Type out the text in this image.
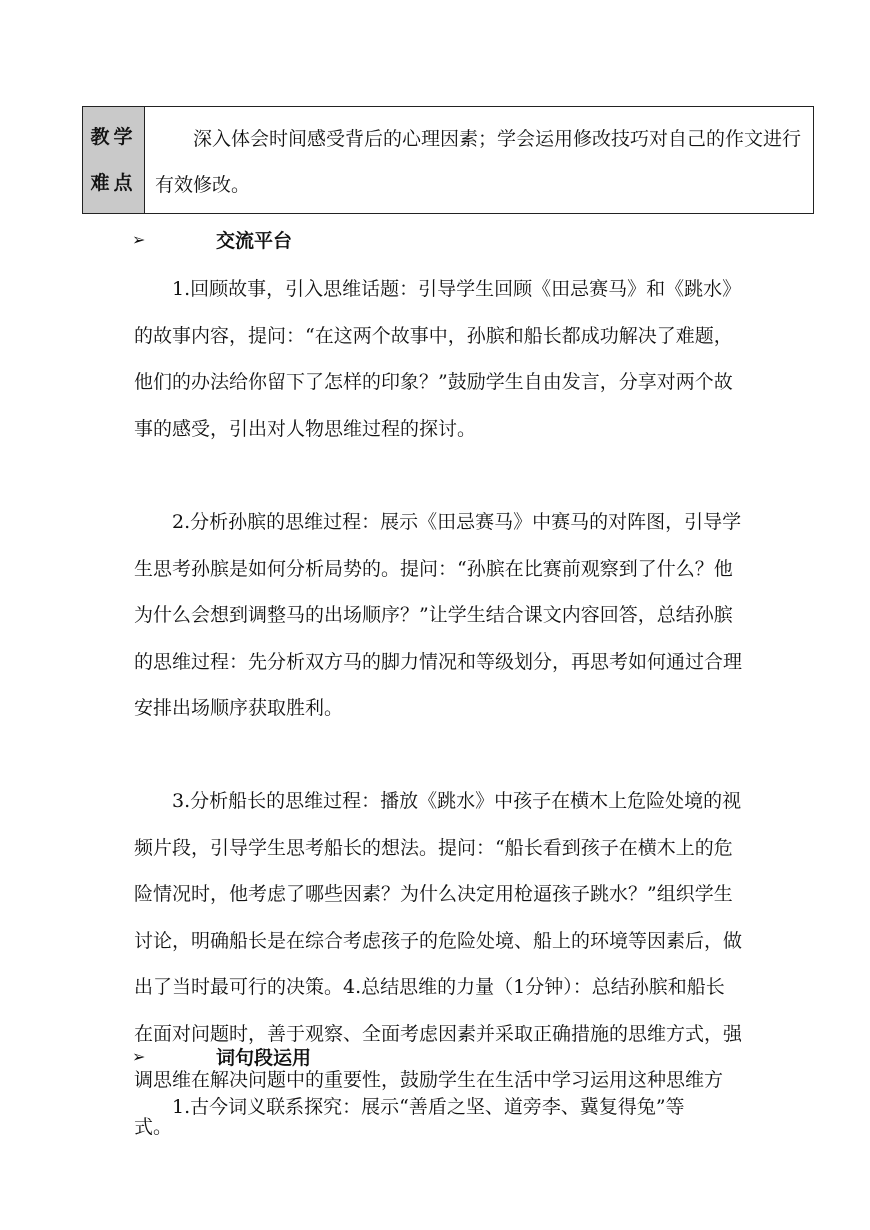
教学
难点
深入体会时间感受背后的心理因素；学会运用修改技巧对自己的作文进行有效修改。
➢	交流平台

1.回顾故事，引入思维话题：引导学生回顾《田忌赛马》和《跳水》的故事内容，提问：“在这两个故事中，孙膑和船长都成功解决了难题，他们的办法给你留下了怎样的印象？”鼓励学生自由发言，分享对两个故事的感受，引出对人物思维过程的探讨。

2.分析孙膑的思维过程：展示《田忌赛马》中赛马的对阵图，引导学生思考孙膑是如何分析局势的。提问：“孙膑在比赛前观察到了什么？他为什么会想到调整马的出场顺序？”让学生结合课文内容回答，总结孙膑的思维过程：先分析双方马的脚力情况和等级划分，再思考如何通过合理安排出场顺序获取胜利。

3.分析船长的思维过程：播放《跳水》中孩子在横木上危险处境的视频片段，引导学生思考船长的想法。提问：“船长看到孩子在横木上的危险情况时，他考虑了哪些因素？为什么决定用枪逼孩子跳水？”组织学生讨论，明确船长是在综合考虑孩子的危险处境、船上的环境等因素后，做出了当时最可行的决策。4.总结思维的力量（1分钟）：总结孙膑和船长在面对问题时，善于观察、全面考虑因素并采取正确措施的思维方式，强调思维在解决问题中的重要性，鼓励学生在生活中学习运用这种思维方式。

➢	词句段运用

1.古今词义联系探究：展示“善盾之坚、道旁李、冀复得兔”等
